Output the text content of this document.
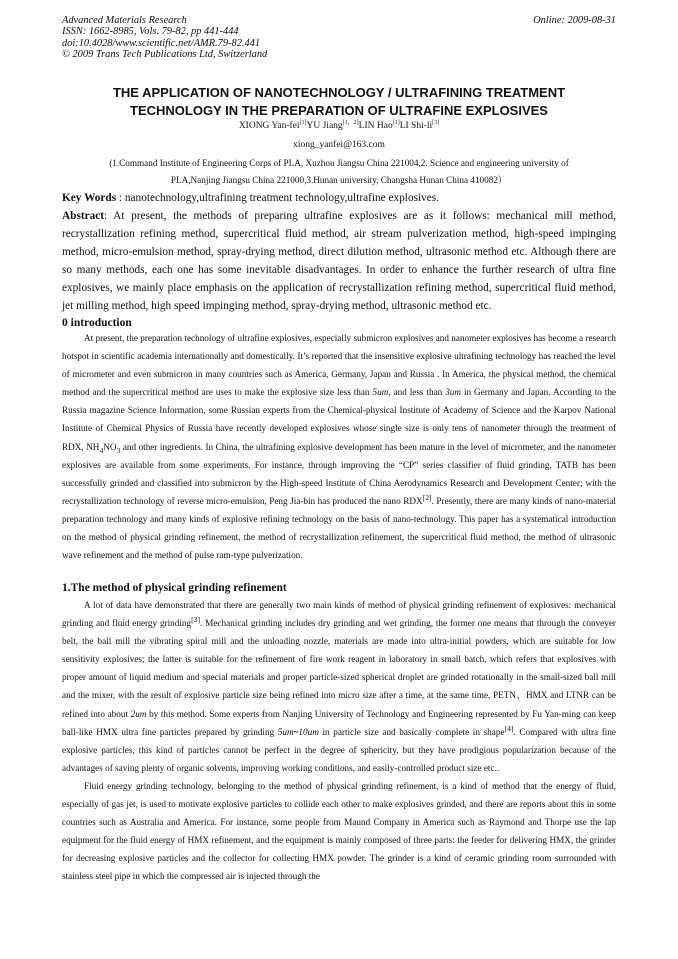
Advanced Materials Research
ISSN: 1662-8985, Vols. 79-82, pp 441-444
doi:10.4028/www.scientific.net/AMR.79-82.441
© 2009 Trans Tech Publications Ltd, Switzerland
Online: 2009-08-31
THE APPLICATION OF NANOTECHNOLOGY / ULTRAFINING TREATMENT
TECHNOLOGY IN THE PREPARATION OF ULTRAFINE EXPLOSIVES
XIONG Yan-fei[1]YU Jiang[1，2]LIN Hao[1]LI Shi-li[3]
xiong_yanfei@163.com
(1.Command Institute of Engineering Corps of PLA, Xuzhou Jiangsu China 221004,2. Science and engineering university of
PLA,Nanjing Jiangsu China 221000,3.Hunan university, Changsha Hunan China 410082）
Key Words : nanotechnology,ultrafining treatment technology,ultrafine explosives.
Abstract: At present, the methods of preparing ultrafine explosives are as it follows: mechanical mill method, recrystallization refining method, supercritical fluid method, air stream pulverization method, high-speed impinging method, micro-emulsion method, spray-drying method, direct dilution method, ultrasonic method etc. Although there are so many methods, each one has some inevitable disadvantages. In order to enhance the further research of ultra fine explosives, we mainly place emphasis on the application of recrystallization refining method, supercritical fluid method, jet milling method, high speed impinging method, spray-drying method, ultrasonic method etc.
0 introduction

At present, the preparation technology of ultrafine explosives, especially submicron explosives and nanometer explosives has become a research hotspot in scientific academia internationally and domestically. It’s reported that the insensitive explosive ultrafining technology has reached the level of micrometer and even submicron in many countries such as America, Germany, Japan and Russia . In America, the physical method, the chemical method and the supercritical method are uses to make the explosive size less than 5um, and less than 3um in Germany and Japan. According to the Russia magazine Science Information, some Russian experts from the Chemical-physical Institute of Academy of Science and the Karpov National Institute of Chemical Physics of Russia have recently developed explosives whose single size is only tens of nanometer through the treatment of RDX, $NH_4NO_3$ and other ingredients. In China, the ultrafining explosive development has been mature in the level of micrometer, and the nanometer explosives are available from some experiments. For instance, through improving the “CP” series classifier of fluid grinding, TATB has been successfully grinded and classified into submicron by the High-speed Institute of China Aerodynamics Research and Development Center; with the recrystallization technology of reverse micro-emulsion, Peng Jia-bin has produced the nano RDX[2]. Presently, there are many kinds of nano-material preparation technology and many kinds of explosive refining technology on the basis of nano-technology. This paper has a systematical introduction on the method of physical grinding refinement, the method of recrystallization refinement, the supercritical fluid method, the method of ultrasonic wave refinement and the method of pulse ram-type pulverization.

1.The method of physical grinding refinement

A lot of data have demonstrated that there are generally two main kinds of method of physical grinding refinement of explosives: mechanical grinding and fluid energy grinding[3]. Mechanical grinding includes dry grinding and wet grinding, the former one means that through the conveyer belt, the ball mill the vibrating spiral mill and the unloading nozzle, materials are made into ultra-initial powders, which are suitable for low sensitivity explosives; the latter is suitable for the refinement of fire work reagent in laboratory in small batch, which refers that explosives with proper amount of liquid medium and special materials and proper particle-sized spherical droplet are grinded rotationally in the small-sized ball mill and the mixer, with the result of explosive particle size being refined into micro size after a time, at the same time, PETN、HMX and LTNR can be refined into about 2um by this method. Some experts from Nanjing University of Technology and Engineering represented by Fu Yan-ming can keep ball-like HMX ultra fine particles prepared by grinding 5um~10um in particle size and basically complete in shape[4]. Compared with ultra fine explosive particles, this kind of particles cannot be perfect in the degree of sphericity, but they have prodigious popularization because of the advantages of saving plenty of organic solvents, improving working conditions, and easily-controlled product size etc..

Fluid energy grinding technology, belonging to the method of physical grinding refinement, is a kind of method that the energy of fluid, especially of gas jet, is used to motivate explosive particles to collide each other to make explosives grinded, and there are reports about this in some countries such as Australia and America. For instance, some people from Maund Company in America such as Raymond and Thorpe use the lap equipment for the fluid energy of HMX refinement, and the equipment is mainly composed of three parts: the feeder for delivering HMX, the grinder for decreasing explosive particles and the collector for collecting HMX powder. The grinder is a kind of ceramic grinding room surrounded with stainless steel pipe in which the compressed air is injected through the
